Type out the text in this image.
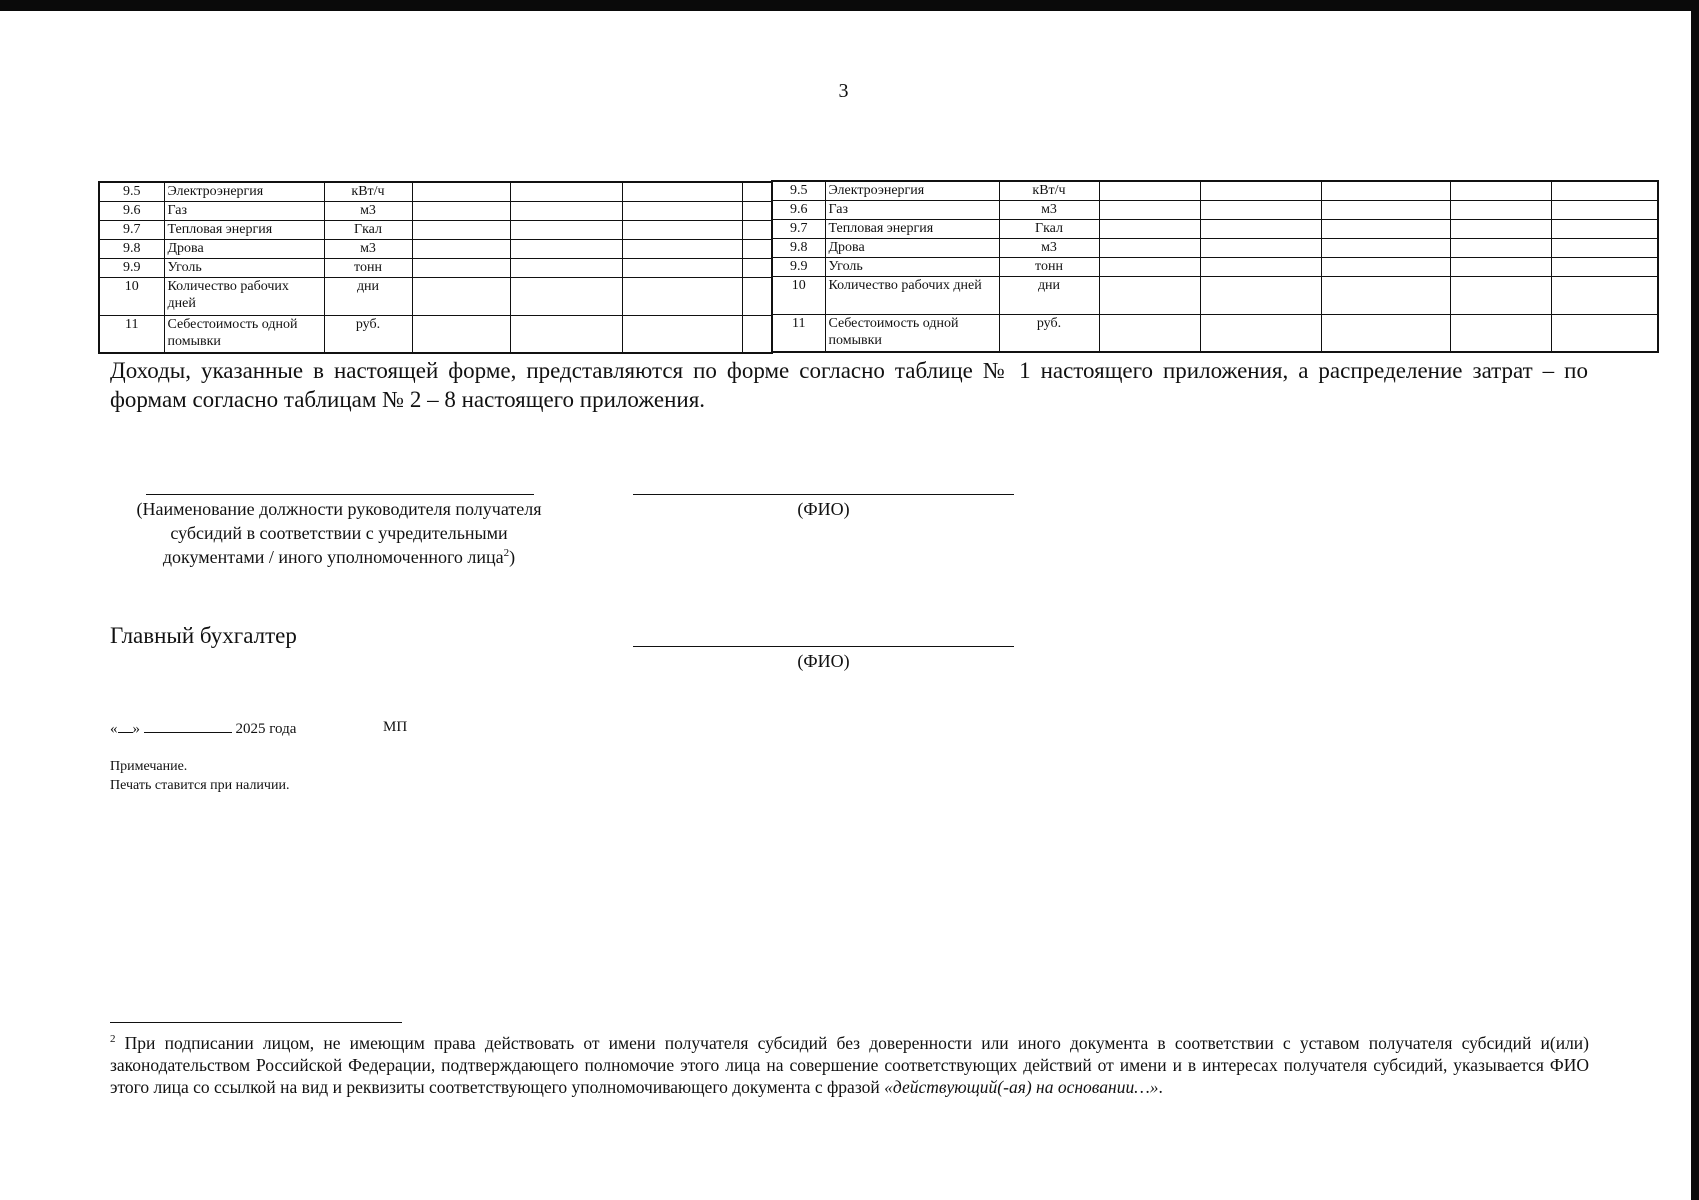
3
9.5	Электроэнергия	кВт/ч				
9.6	Газ	м3				
9.7	Тепловая энергия	Гкал				
9.8	Дрова	м3				
9.9	Уголь	тонн				
10	Количество рабочих дней	дни				
11	Себестоимость одной помывки	руб.				
9.5	Электроэнергия	кВт/ч					
9.6	Газ	м3					
9.7	Тепловая энергия	Гкал					
9.8	Дрова	м3					
9.9	Уголь	тонн					
10	Количество рабочих дней	дни					
11	Себестоимость одной помывки	руб.					
Доходы, указанные в настоящей форме, представляются по форме согласно таблице № 1 настоящего приложения, а распределение затрат – по формам согласно таблицам № 2 – 8 настоящего приложения.
(Наименование должности руководителя получателя
субсидий в соответствии с учредительными
документами / иного уполномоченного лица$^2$)
(ФИО)
Главный бухгалтер
(ФИО)
« »	2025 года	МП
Примечание.
Печать ставится при наличии.
$^2$ При подписании лицом, не имеющим права действовать от имени получателя субсидий без доверенности или иного документа в соответствии с уставом получателя субсидий и(или) законодательством Российской Федерации, подтверждающего полномочие этого лица на совершение соответствующих действий от имени и в интересах получателя субсидий, указывается ФИО этого лица со ссылкой на вид и реквизиты соответствующего уполномочивающего документа с фразой «действующий(-ая) на основании…».
